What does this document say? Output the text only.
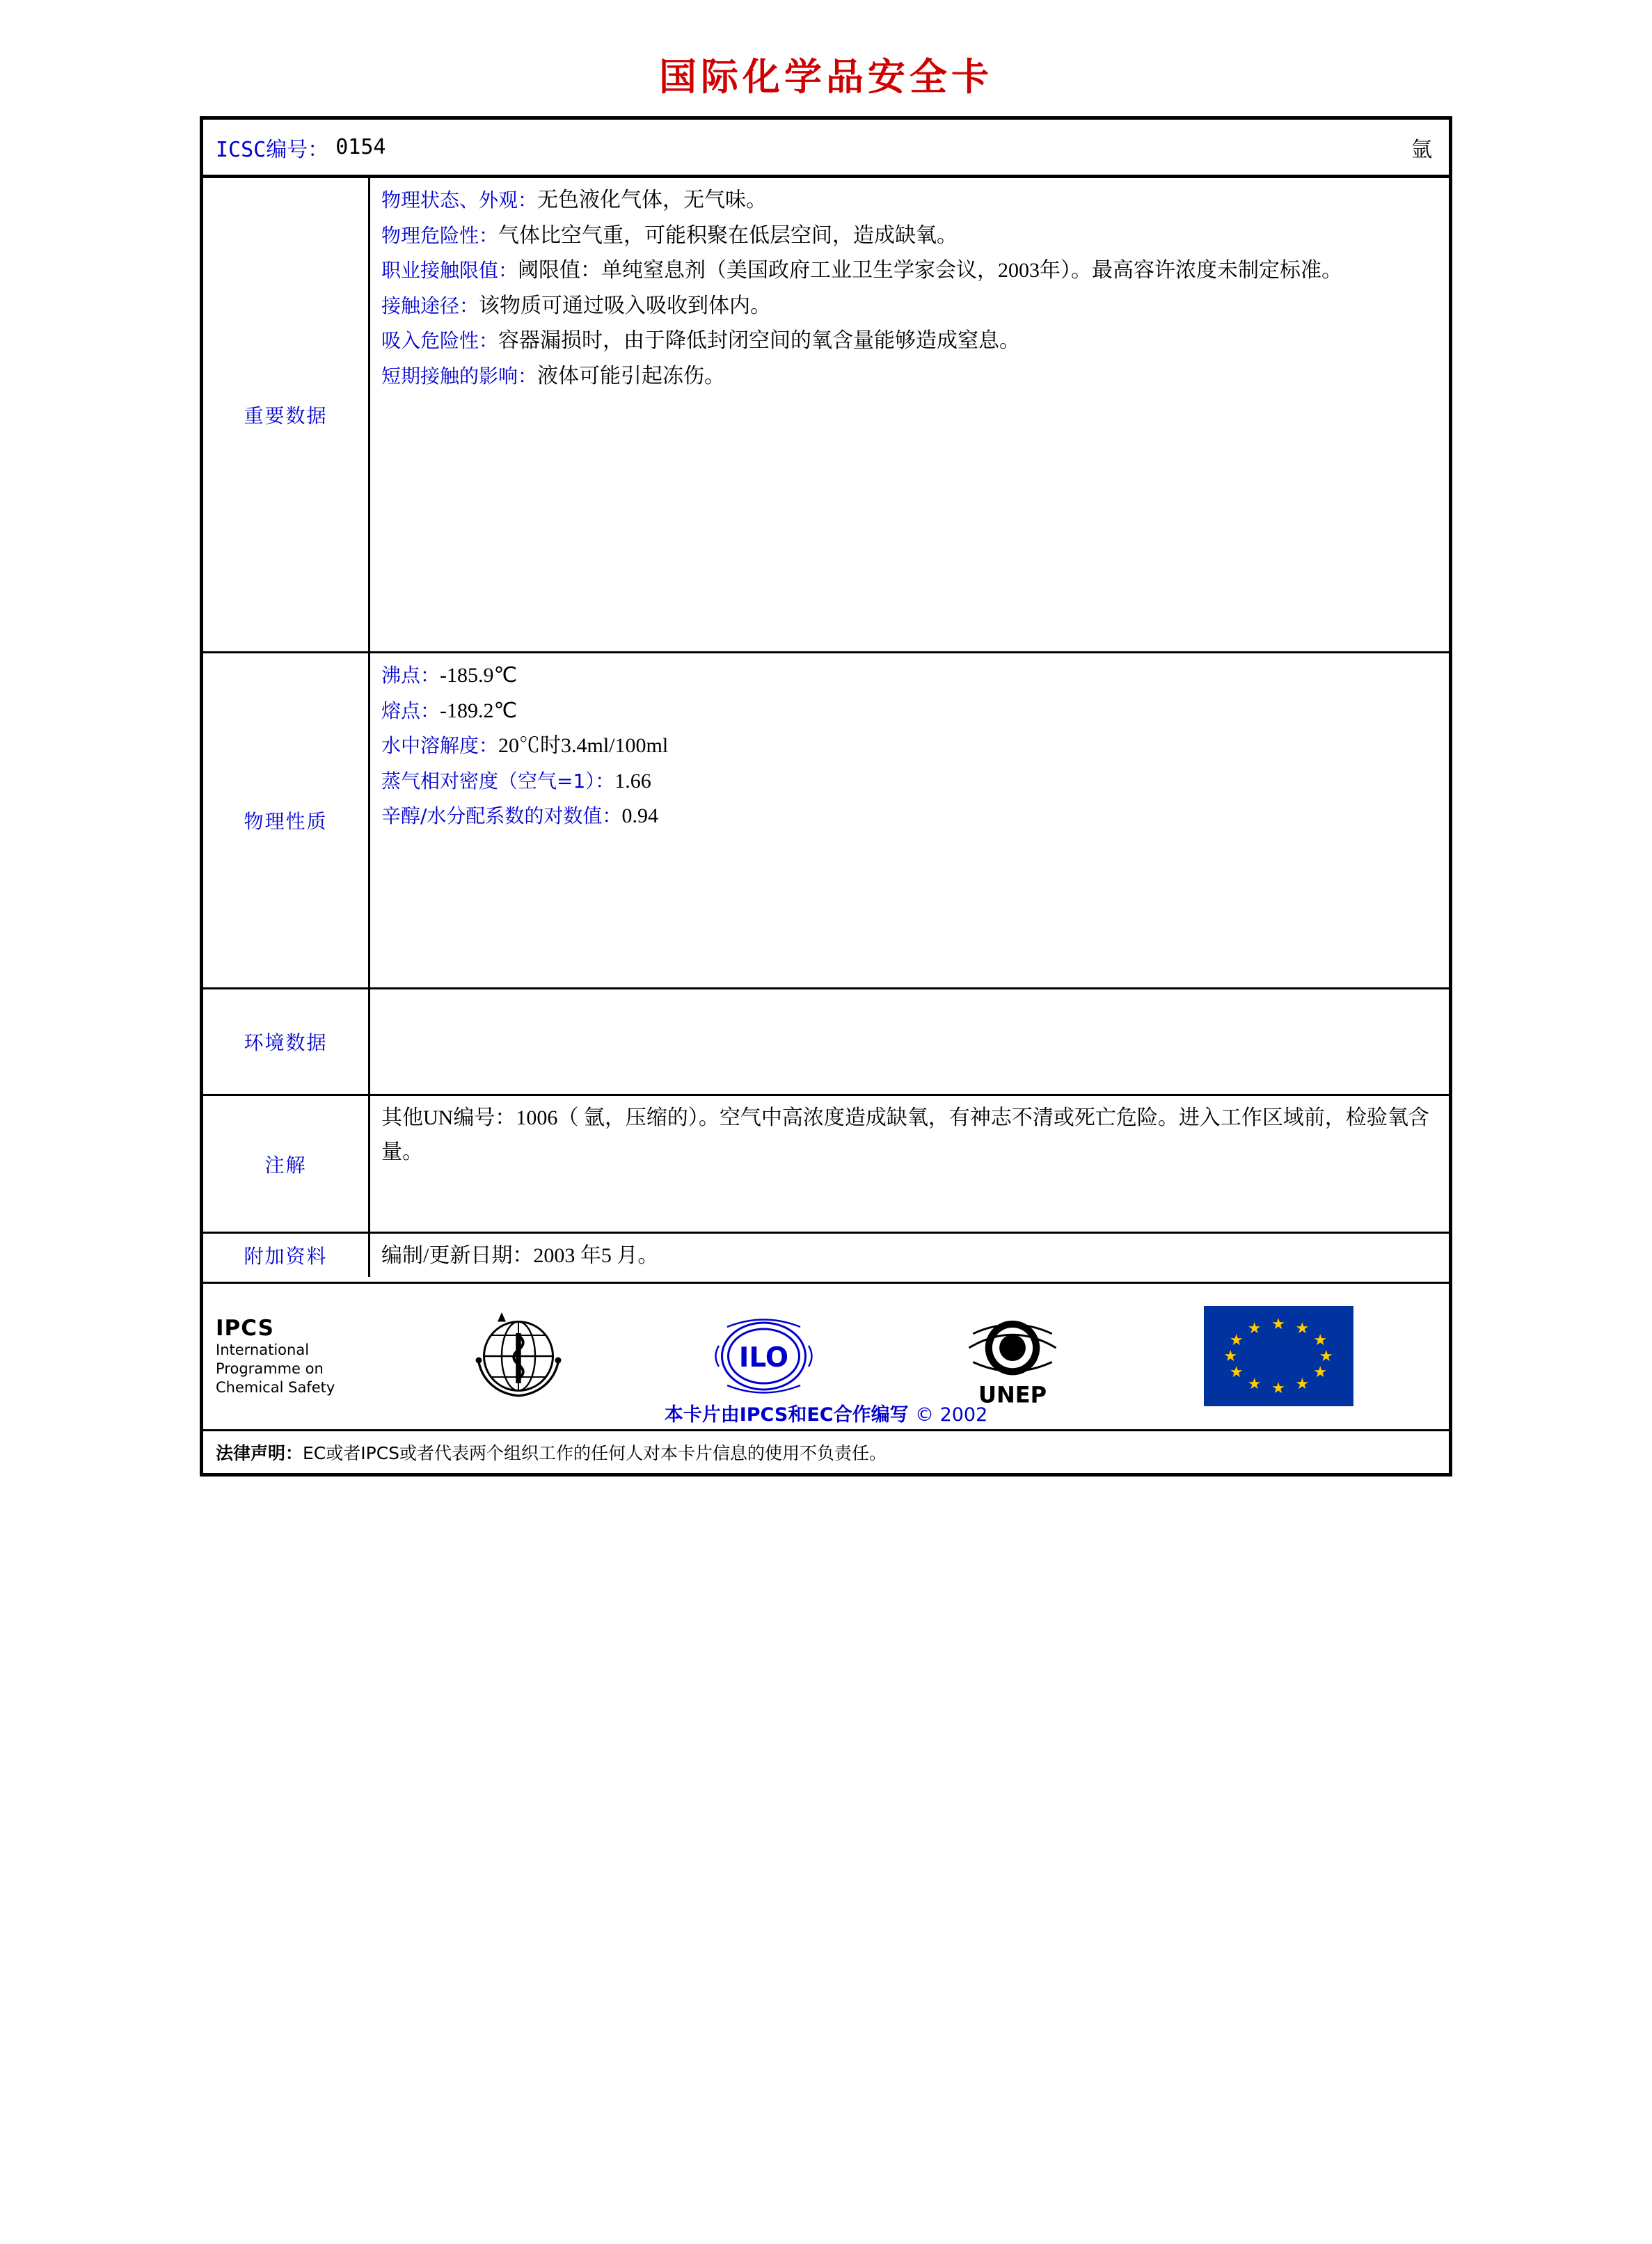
国际化学品安全卡
ICSC编号： 0154	氩
重要数据
物理状态、外观：无色液化气体，无气味。
物理危险性：气体比空气重，可能积聚在低层空间，造成缺氧。
职业接触限值：阈限值：单纯窒息剂（美国政府工业卫生学家会议，2003年）。最高容许浓度未制定标准。
接触途径：该物质可通过吸入吸收到体内。
吸入危险性：容器漏损时，由于降低封闭空间的氧含量能够造成窒息。
短期接触的影响：液体可能引起冻伤。
物理性质
沸点：-185.9℃
熔点：-189.2℃
水中溶解度：20℃时3.4ml/100ml
蒸气相对密度（空气=1）：1.66
辛醇/水分配系数的对数值：0.94
环境数据
注解
其他UN编号：1006（ 氩，压缩的）。空气中高浓度造成缺氧，有神志不清或死亡危险。进入工作区域前，检验氧含量。
附加资料	编制/更新日期：2003 年5 月。
IPCS
International
Programme on
Chemical Safety
ILO
UNEP
★ ★
★
★
★
★
★
★
★
★
★
★
本卡片由IPCS和EC合作编写 © 2002
法律声明：EC或者IPCS或者代表两个组织工作的任何人对本卡片信息的使用不负责任。
